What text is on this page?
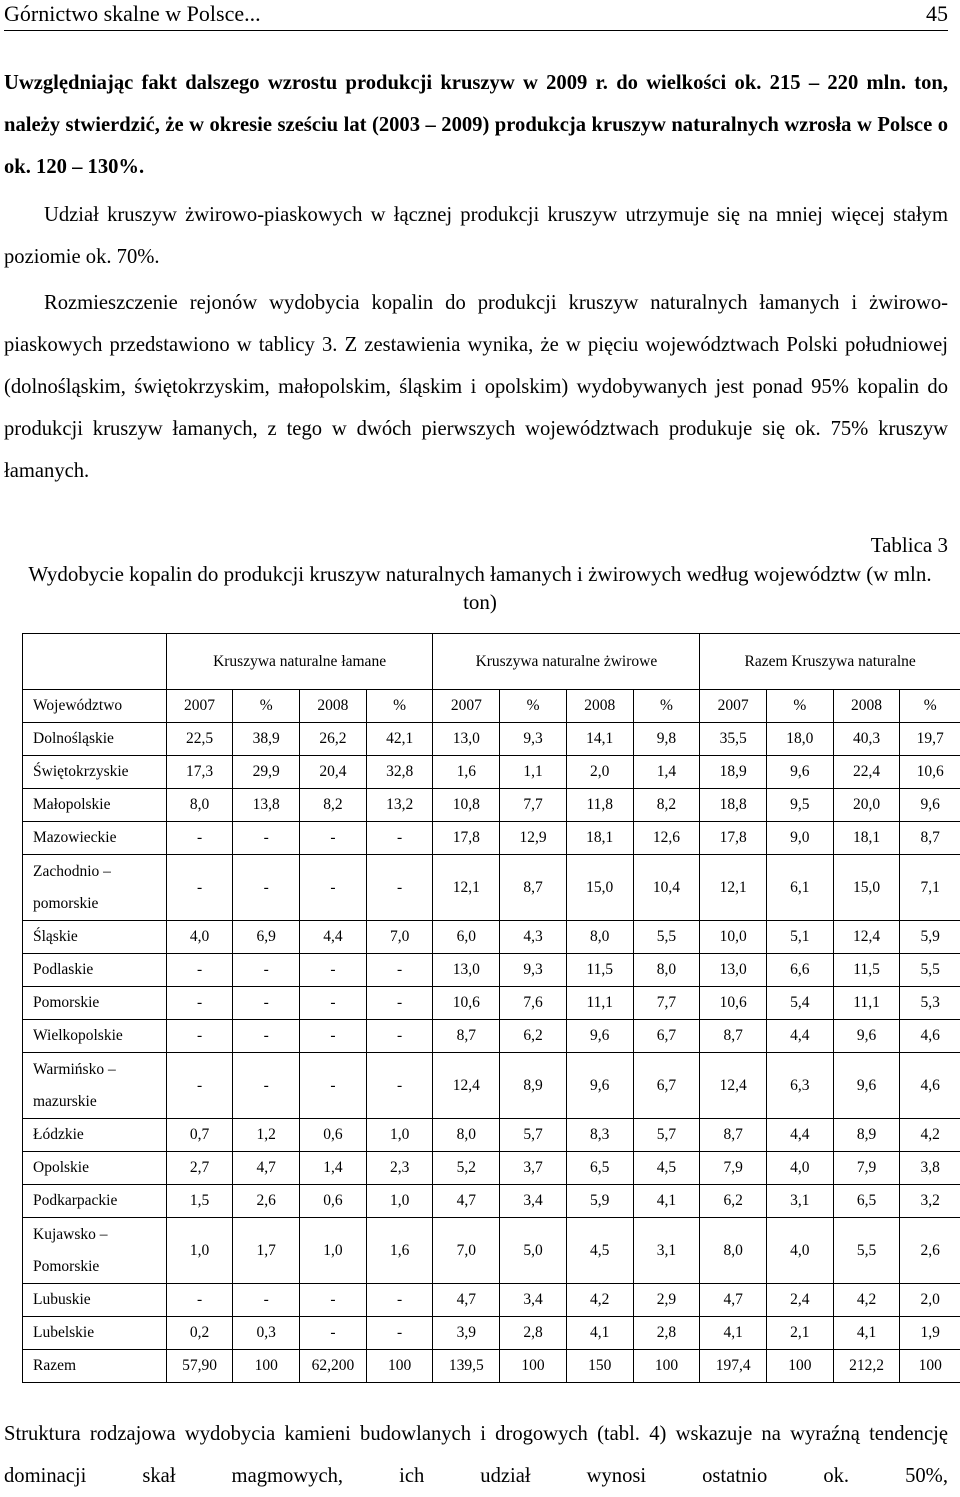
Górnictwo skalne w Polsce...	45
Uwzględniając fakt dalszego wzrostu produkcji kruszyw w 2009 r. do wielkości ok. 215 – 220 mln. ton, należy stwierdzić, że w okresie sześciu lat (2003 – 2009) produkcja kruszyw naturalnych wzrosła w Polsce o ok. 120 – 130%.
Udział kruszyw żwirowo-piaskowych w łącznej produkcji kruszyw utrzymuje się na mniej więcej stałym poziomie ok. 70%.
Rozmieszczenie rejonów wydobycia kopalin do produkcji kruszyw naturalnych łamanych i żwirowo-piaskowych przedstawiono w tablicy 3. Z zestawienia wynika, że w pięciu województwach Polski południowej (dolnośląskim, świętokrzyskim, małopolskim, śląskim i opolskim) wydobywanych jest ponad 95% kopalin do produkcji kruszyw łamanych, z tego w dwóch pierwszych województwach produkuje się ok. 75% kruszyw łamanych.
Tablica 3
Wydobycie kopalin do produkcji kruszyw naturalnych łamanych i żwirowych według województw (w mln. ton)
	Kruszywa naturalne łamane				Kruszywa naturalne żwirowe				Razem Kruszywa naturalne			
Województwo	2007	%	2008	%	2007	%	2008	%	2007	%	2008	%
Dolnośląskie	22,5	38,9	26,2	42,1	13,0	9,3	14,1	9,8	35,5	18,0	40,3	19,7
Świętokrzyskie	17,3	29,9	20,4	32,8	1,6	1,1	2,0	1,4	18,9	9,6	22,4	10,6
Małopolskie	8,0	13,8	8,2	13,2	10,8	7,7	11,8	8,2	18,8	9,5	20,0	9,6
Mazowieckie	-	-	-	-	17,8	12,9	18,1	12,6	17,8	9,0	18,1	8,7
Zachodnio –
pomorskie	-	-	-	-	12,1	8,7	15,0	10,4	12,1	6,1	15,0	7,1
Śląskie	4,0	6,9	4,4	7,0	6,0	4,3	8,0	5,5	10,0	5,1	12,4	5,9
Podlaskie	-	-	-	-	13,0	9,3	11,5	8,0	13,0	6,6	11,5	5,5
Pomorskie	-	-	-	-	10,6	7,6	11,1	7,7	10,6	5,4	11,1	5,3
Wielkopolskie	-	-	-	-	8,7	6,2	9,6	6,7	8,7	4,4	9,6	4,6
Warmińsko –
mazurskie	-	-	-	-	12,4	8,9	9,6	6,7	12,4	6,3	9,6	4,6
Łódzkie	0,7	1,2	0,6	1,0	8,0	5,7	8,3	5,7	8,7	4,4	8,9	4,2
Opolskie	2,7	4,7	1,4	2,3	5,2	3,7	6,5	4,5	7,9	4,0	7,9	3,8
Podkarpackie	1,5	2,6	0,6	1,0	4,7	3,4	5,9	4,1	6,2	3,1	6,5	3,2
Kujawsko –
Pomorskie	1,0	1,7	1,0	1,6	7,0	5,0	4,5	3,1	8,0	4,0	5,5	2,6
Lubuskie	-	-	-	-	4,7	3,4	4,2	2,9	4,7	2,4	4,2	2,0
Lubelskie	0,2	0,3	-	-	3,9	2,8	4,1	2,8	4,1	2,1	4,1	1,9
Razem	57,90	100	62,200	100	139,5	100	150	100	197,4	100	212,2	100
Struktura rodzajowa wydobycia kamieni budowlanych i drogowych (tabl. 4) wskazuje na wyraźną tendencję dominacji skał magmowych, ich udział wynosi ostatnio ok. 50%,
